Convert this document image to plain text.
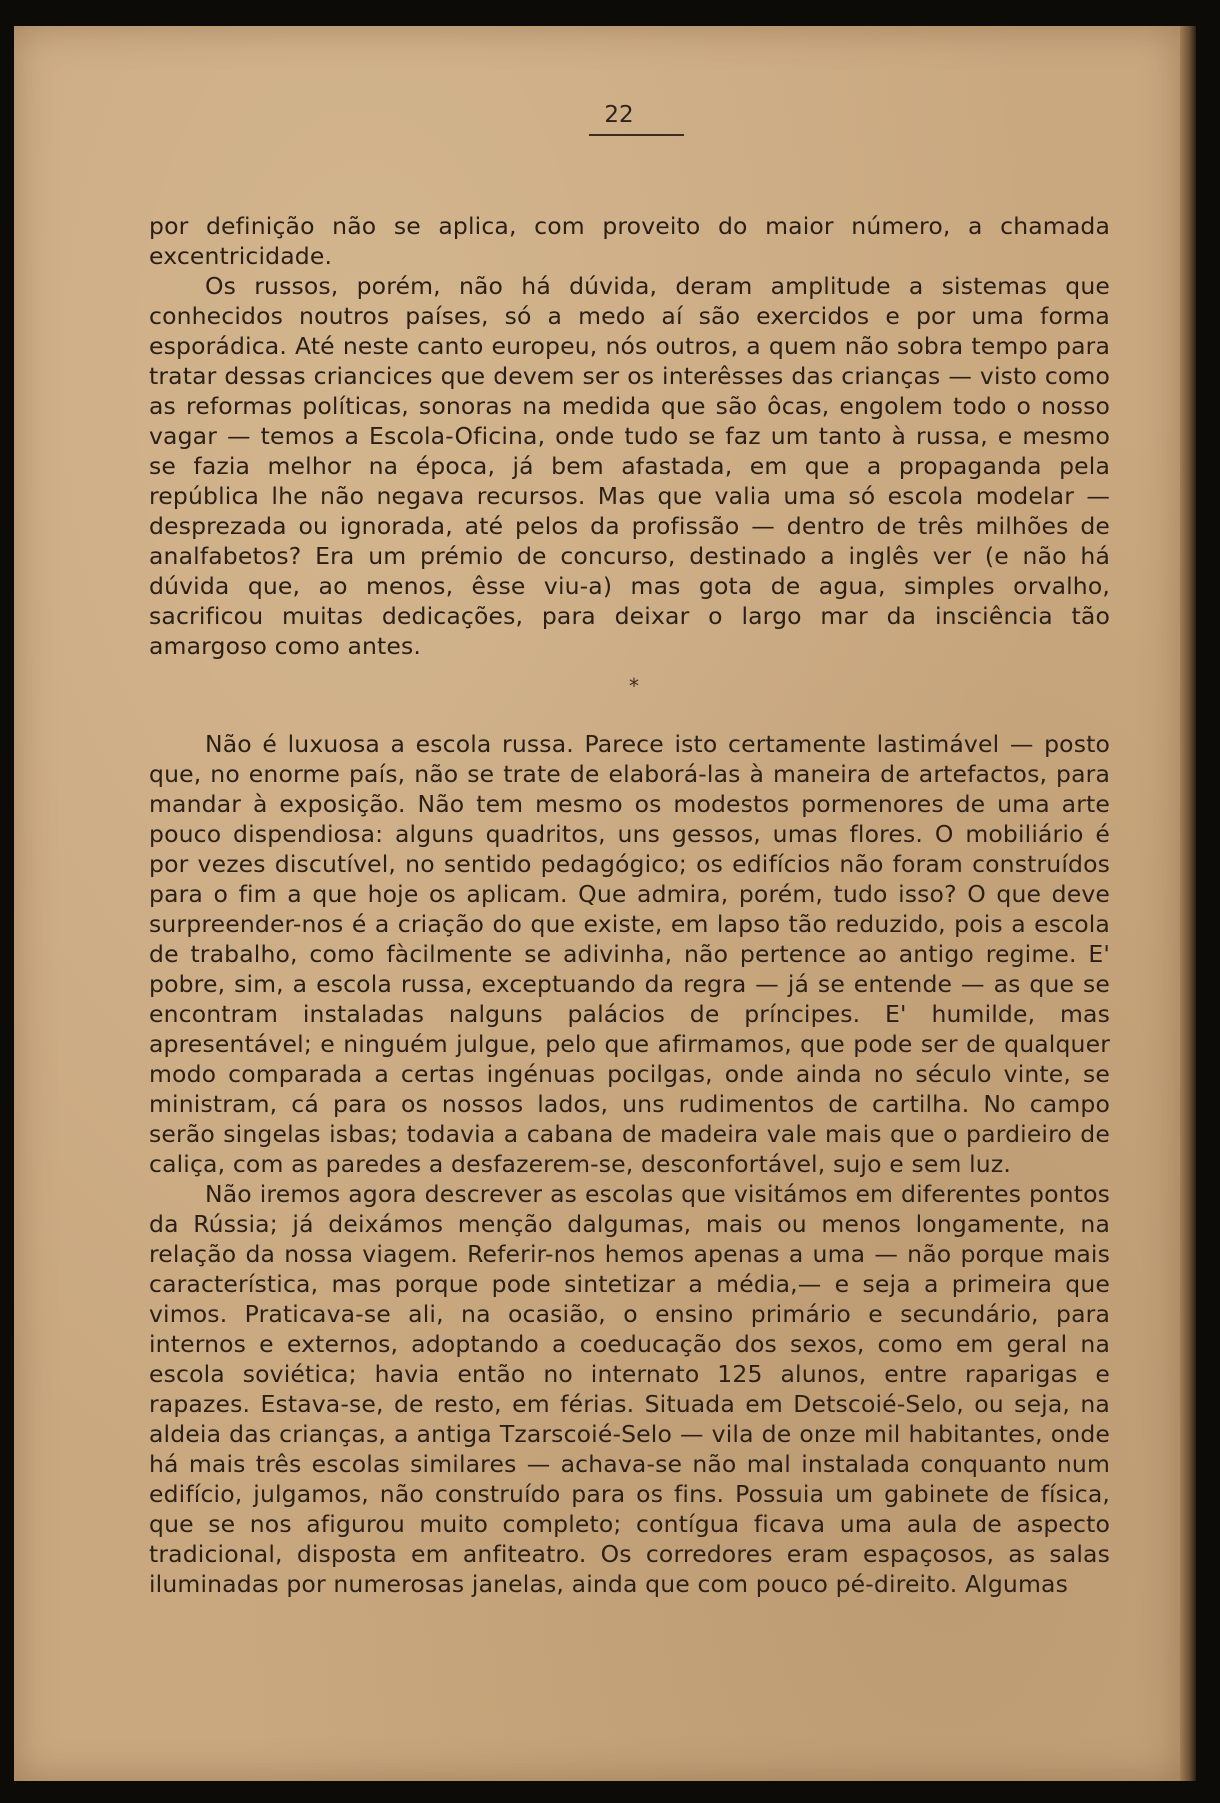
22

por definição não se aplica, com proveito do maior número, a chamada excentricidade.

Os russos, porém, não há dúvida, deram amplitude a sistemas que conhecidos noutros países, só a medo aí são exercidos e por uma forma esporádica. Até neste canto europeu, nós outros, a quem não sobra tempo para tratar dessas criancices que devem ser os interêsses das crianças — visto como as reformas políticas, sonoras na medida que são ôcas, engolem todo o nosso vagar — temos a Escola-Oficina, onde tudo se faz um tanto à russa, e mesmo se fazia melhor na época, já bem afastada, em que a propaganda pela república lhe não negava recursos. Mas que valia uma só escola modelar — desprezada ou ignorada, até pelos da profissão — dentro de três milhões de analfabetos? Era um prémio de concurso, destinado a inglês ver (e não há dúvida que, ao menos, êsse viu-a) mas gota de agua, simples orvalho, sacrificou muitas dedicações, para deixar o largo mar da insciência tão amargoso como antes.

*

Não é luxuosa a escola russa. Parece isto certamente lastimável — posto que, no enorme país, não se trate de elaborá-las à maneira de artefactos, para mandar à exposição. Não tem mesmo os modestos pormenores de uma arte pouco dispendiosa: alguns quadritos, uns gessos, umas flores. O mobiliário é por vezes discutível, no sentido pedagógico; os edifícios não foram construídos para o fim a que hoje os aplicam. Que admira, porém, tudo isso? O que deve surpreender-nos é a criação do que existe, em lapso tão reduzido, pois a escola de trabalho, como fàcilmente se adivinha, não pertence ao antigo regime. E' pobre, sim, a escola russa, exceptuando da regra — já se entende — as que se encontram instaladas nalguns palácios de príncipes. E' humilde, mas apresentável; e ninguém julgue, pelo que afirmamos, que pode ser de qualquer modo comparada a certas ingénuas pocilgas, onde ainda no século vinte, se ministram, cá para os nossos lados, uns rudimentos de cartilha. No campo serão singelas isbas; todavia a cabana de madeira vale mais que o pardieiro de caliça, com as paredes a desfazerem-se, desconfortável, sujo e sem luz.

Não iremos agora descrever as escolas que visitámos em diferentes pontos da Rússia; já deixámos menção dalgumas, mais ou menos longamente, na relação da nossa viagem. Referir-nos hemos apenas a uma — não porque mais característica, mas porque pode sintetizar a média,— e seja a primeira que vimos. Praticava-se ali, na ocasião, o ensino primário e secundário, para internos e externos, adoptando a coeducação dos sexos, como em geral na escola soviética; havia então no internato 125 alunos, entre raparigas e rapazes. Estava-se, de resto, em férias. Situada em Detscoié-Selo, ou seja, na aldeia das crianças, a antiga Tzarscoié-Selo — vila de onze mil habitantes, onde há mais três escolas similares — achava-se não mal instalada conquanto num edifício, julgamos, não construído para os fins. Possuia um gabinete de física, que se nos afigurou muito completo; contígua ficava uma aula de aspecto tradicional, disposta em anfiteatro. Os corredores eram espaçosos, as salas iluminadas por numerosas janelas, ainda que com pouco pé-direito. Algumas
